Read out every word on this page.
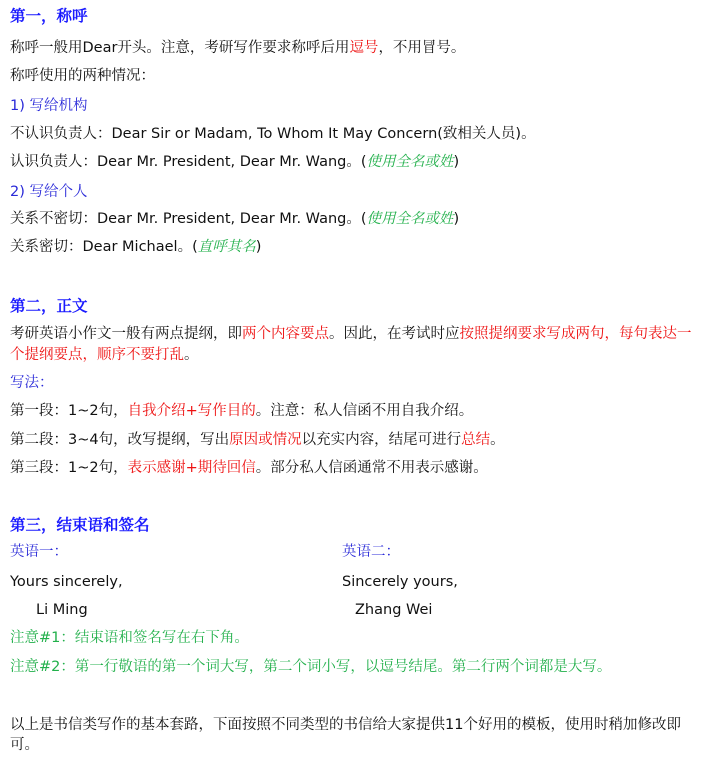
第一，称呼
称呼一般用Dear开头。注意，考研写作要求称呼后用逗号，不用冒号。
称呼使用的两种情况：
1) 写给机构
不认识负责人：Dear Sir or Madam, To Whom It May Concern(致相关人员)。
认识负责人：Dear Mr. President, Dear Mr. Wang。(使用全名或姓)
2) 写给个人
关系不密切：Dear Mr. President, Dear Mr. Wang。(使用全名或姓)
关系密切：Dear Michael。(直呼其名)
第二，正文
考研英语小作文一般有两点提纲，即两个内容要点。因此，在考试时应按照提纲要求写成两句，每句表达一个提纲要点，顺序不要打乱。
写法：
第一段：1~2句，自我介绍+写作目的。注意：私人信函不用自我介绍。
第二段：3~4句，改写提纲，写出原因或情况以充实内容，结尾可进行总结。
第三段：1~2句，表示感谢+期待回信。部分私人信函通常不用表示感谢。
第三，结束语和签名
英语一：	英语二：
Yours sincerely,	Sincerely yours,
Li Ming	Zhang Wei
注意#1：结束语和签名写在右下角。
注意#2：第一行敬语的第一个词大写，第二个词小写，以逗号结尾。第二行两个词都是大写。
以上是书信类写作的基本套路，下面按照不同类型的书信给大家提供11个好用的模板，使用时稍加修改即可。
